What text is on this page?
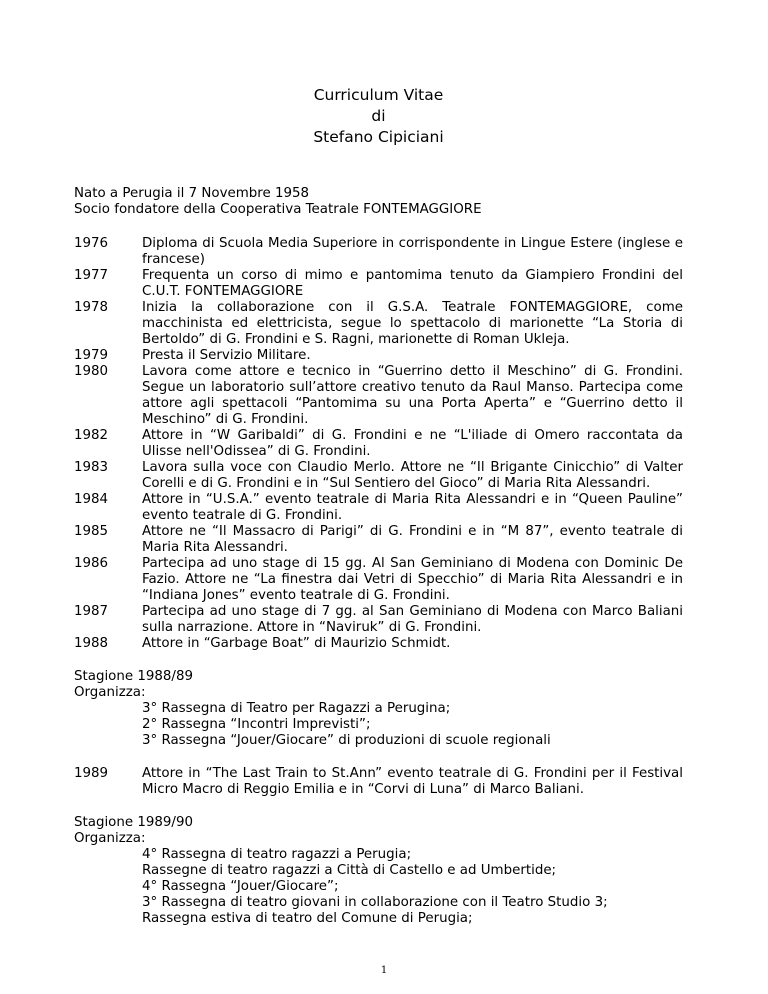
Curriculum Vitae
di
Stefano Cipiciani

Nato a Perugia il 7 Novembre 1958

Socio fondatore della Cooperativa Teatrale FONTEMAGGIORE

1976	Diploma di Scuola Media Superiore in corrispondente in Lingue Estere (inglese e francese)
1977	Frequenta un corso di mimo e pantomima tenuto da Giampiero Frondini del C.U.T. FONTEMAGGIORE
1978	Inizia la collaborazione con il G.S.A. Teatrale FONTEMAGGIORE, come macchinista ed elettricista, segue lo spettacolo di marionette “La Storia di Bertoldo” di G. Frondini e S. Ragni, marionette di Roman Ukleja.
1979	Presta il Servizio Militare.
1980	Lavora come attore e tecnico in “Guerrino detto il Meschino” di G. Frondini. Segue un laboratorio sull’attore creativo tenuto da Raul Manso. Partecipa come attore agli spettacoli “Pantomima su una Porta Aperta” e “Guerrino detto il Meschino” di G. Frondini.
1982	Attore in “W Garibaldi” di G. Frondini e ne “L'iliade di Omero raccontata da Ulisse nell'Odissea” di G. Frondini.
1983	Lavora sulla voce con Claudio Merlo. Attore ne “Il Brigante Cinicchio” di Valter Corelli e di G. Frondini e in “Sul Sentiero del Gioco” di Maria Rita Alessandri.
1984	Attore in “U.S.A.” evento teatrale di Maria Rita Alessandri e in “Queen Pauline” evento teatrale di G. Frondini.
1985	Attore ne “Il Massacro di Parigi” di G. Frondini e in “M 87”, evento teatrale di Maria Rita Alessandri.
1986	Partecipa ad uno stage di 15 gg. Al San Geminiano di Modena con Dominic De Fazio. Attore ne “La finestra dai Vetri di Specchio” di Maria Rita Alessandri e in “Indiana Jones” evento teatrale di G. Frondini.
1987	Partecipa ad uno stage di 7 gg. al San Geminiano di Modena con Marco Baliani sulla narrazione. Attore in “Naviruk” di G. Frondini.
1988	Attore in “Garbage Boat” di Maurizio Schmidt.

Stagione 1988/89

Organizza:

3° Rassegna di Teatro per Ragazzi a Perugina;
2° Rassegna “Incontri Imprevisti”;
3° Rassegna “Jouer/Giocare” di produzioni di scuole regionali
1989	Attore in “The Last Train to St.Ann” evento teatrale di G. Frondini per il Festival Micro Macro di Reggio Emilia e in “Corvi di Luna” di Marco Baliani.

Stagione 1989/90

Organizza:

4° Rassegna di teatro ragazzi a Perugia;
Rassegne di teatro ragazzi a Città di Castello e ad Umbertide;
4° Rassegna “Jouer/Giocare”;
3° Rassegna di teatro giovani in collaborazione con il Teatro Studio 3;
Rassegna estiva di teatro del Comune di Perugia;
1
